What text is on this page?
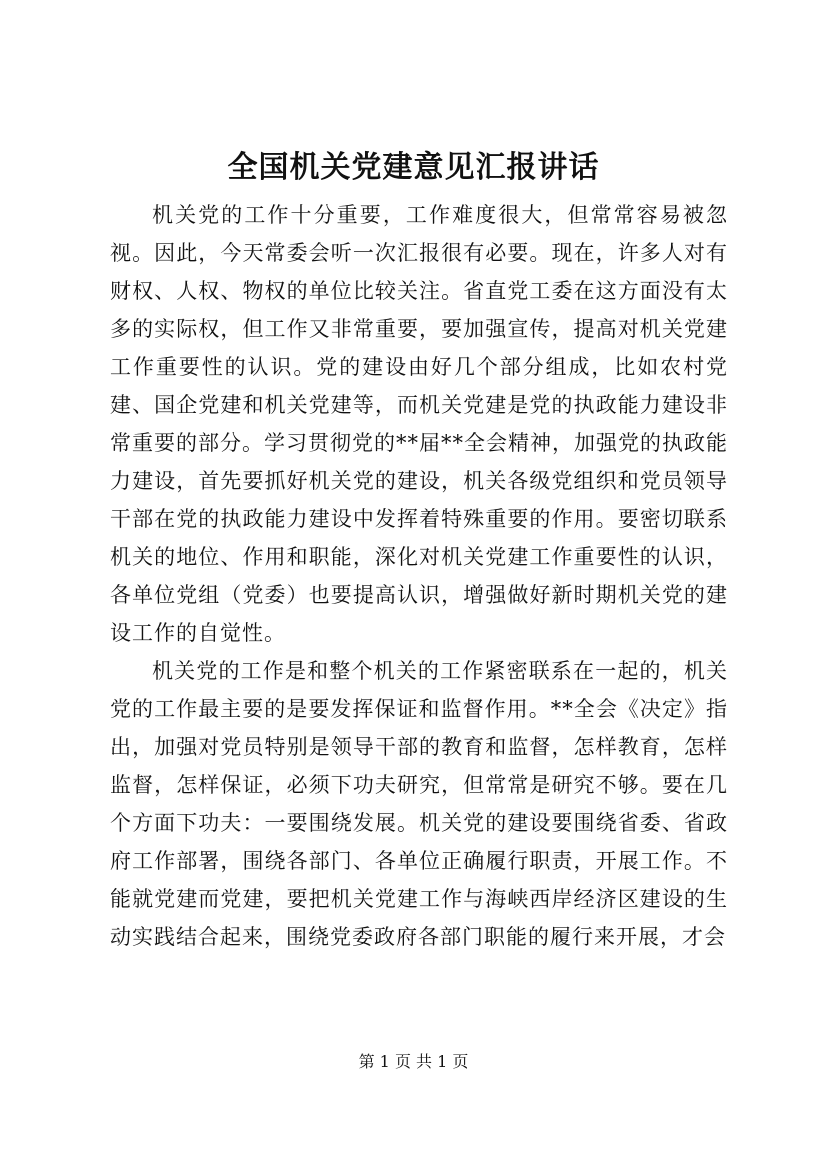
全国机关党建意见汇报讲话

机关党的工作十分重要，工作难度很大，但常常容易被忽视。因此，今天常委会听一次汇报很有必要。现在，许多人对有财权、人权、物权的单位比较关注。省直党工委在这方面没有太多的实际权，但工作又非常重要，要加强宣传，提高对机关党建工作重要性的认识。党的建设由好几个部分组成，比如农村党建、国企党建和机关党建等，而机关党建是党的执政能力建设非常重要的部分。学习贯彻党的**届**全会精神，加强党的执政能力建设，首先要抓好机关党的建设，机关各级党组织和党员领导干部在党的执政能力建设中发挥着特殊重要的作用。要密切联系机关的地位、作用和职能，深化对机关党建工作重要性的认识，各单位党组（党委）也要提高认识，增强做好新时期机关党的建设工作的自觉性。

机关党的工作是和整个机关的工作紧密联系在一起的，机关党的工作最主要的是要发挥保证和监督作用。**全会《决定》指出，加强对党员特别是领导干部的教育和监督，怎样教育，怎样监督，怎样保证，必须下功夫研究，但常常是研究不够。要在几个方面下功夫：一要围绕发展。机关党的建设要围绕省委、省政府工作部署，围绕各部门、各单位正确履行职责，开展工作。不能就党建而党建，要把机关党建工作与海峡西岸经济区建设的生动实践结合起来，围绕党委政府各部门职能的履行来开展，才会

第 1 页 共 1 页
